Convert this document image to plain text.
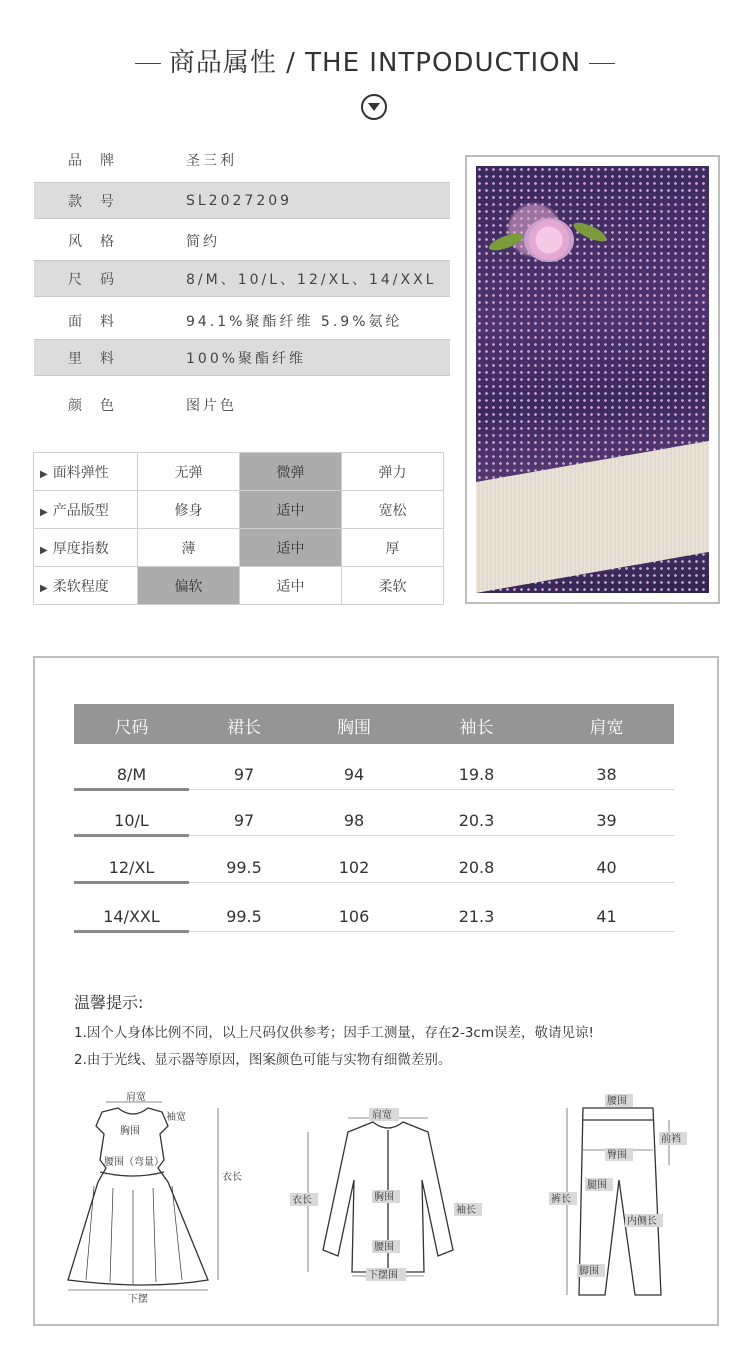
商品属性 / THE INTPODUCTION
品牌	圣三利
款号	SL2027209
风格	简约
尺码	8/M、10/L、12/XL、14/XXL
面料	94.1%聚酯纤维 5.9%氨纶
里料	100%聚酯纤维
颜色	图片色
▶ 面料弹性	无弹	微弹	弹力
▶ 产品版型	修身	适中	宽松
▶ 厚度指数	薄	适中	厚
▶ 柔软程度	偏软	适中	柔软
尺码	裙长	胸围	袖长	肩宽
8/M	97	94	19.8	38
10/L	97	98	20.3	39
12/XL	99.5	102	20.8	40
14/XXL	99.5	106	21.3	41
温馨提示:
1.因个人身体比例不同，以上尺码仅供参考；因手工测量，存在2-3cm误差，敬请见谅!
2.由于光线、显示器等原因，图案颜色可能与实物有细微差别。
肩宽
袖宽
胸围
腰围（弯量）
衣长
下摆
肩宽
衣长	胸围
袖长
腰围
下摆围
腰围
前裆
臀围
腿围
裤长
内侧长
脚围
